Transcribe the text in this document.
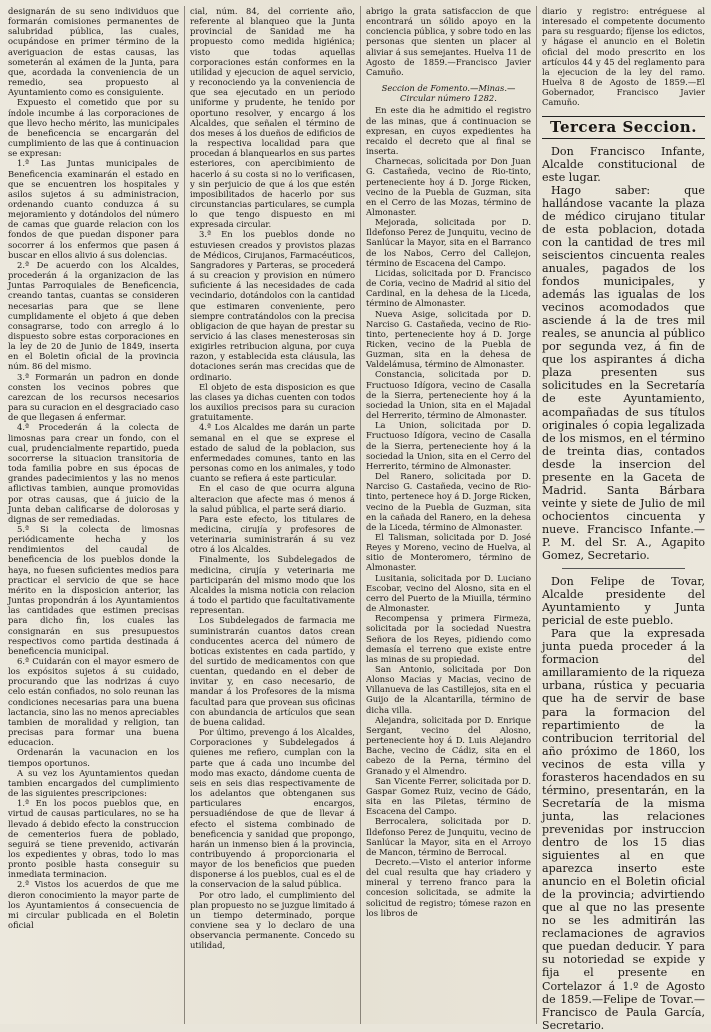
designarán de su seno individuos que formarán comisiones permanentes de salubridad pública, las cuales, ocupándose en primer término de la averiguacion de estas causas, las someterán al exámen de la Junta, para que, acordada la conveniencia de un remedio, sea propuesto al Ayuntamiento como es consiguiente.

Expuesto el cometido que por su índole incumbe á las corporaciones de que llevo hecho mérito, las municipales de beneficencia se encargarán del cumplimiento de las que á continuacion se expresan:

1.ª Las Juntas municipales de Beneficencia examinarán el estado en que se encuentren los hospitales y asilos sujetos á su administracion, ordenando cuanto conduzca á su mejoramiento y dotándolos del número de camas que guarde relacion con los fondos de que puedan disponer para socorrer á los enfermos que pasen á buscar en ellos alivio á sus dolencias.

2.ª De acuerdo con los Alcaldes, procederán á la organizacion de las Juntas Parroquiales de Beneficencia, creando tantas, cuantas se consideren necesarias para que se llene cumplidamente el objeto á que deben consagrarse, todo con arreglo á lo dispuesto sobre estas corporaciones en la ley de 20 de Junio de 1849, inserta en el Boletin oficial de la provincia núm. 86 del mismo.

3.ª Formarán un padron en donde consten los vecinos pobres que carezcan de los recursos necesarios para su curacion en el desgraciado caso de que llegasen á enfermar.

4.ª Procederán á la colecta de limosnas para crear un fondo, con el cual, prudencialmente repartido, pueda socorrerse la situacion transitoria de toda familia pobre en sus épocas de grandes padecimientos y las no menos aflictivas tambien, aunque promovidas por otras causas, que á juicio de la Junta deban calificarse de dolorosas y dignas de ser remediadas.

5.ª Si la colecta de limosnas periódicamente hecha y los rendimientos del caudal de beneficencia de los pueblos donde la haya, no fuesen suficientes medios para practicar el servicio de que se hace mérito en la disposicion anterior, las Juntas propondrán á los Ayuntamientos las cantidades que estimen precisas para dicho fin, los cuales las consignarán en sus presupuestos respectivos como partida destinada á beneficencia municipal.

6.ª Cuidarán con el mayor esmero de los expósitos sujetos á su cuidado, procurando que las nodrizas á cuyo celo están confiados, no solo reunan las condiciones necesarias para una buena lactancia, sino las no menos apreciables tambien de moralidad y religion, tan precisas para formar una buena educacion.

Ordenarán la vacunacion en los tiempos oportunos.

A su vez los Ayuntamientos quedan tambien encargados del cumplimiento de las siguientes prescripciones:

1.ª En los pocos pueblos que, en virtud de causas particulares, no se ha llevado á debido efecto la construccion de cementerios fuera de poblado, seguirá se tiene prevenido, activarán los expedientes y obras, todo lo mas pronto posible hasta conseguir su inmediata terminacion.

2.ª Vistos los acuerdos de que me dieron conocimiento la mayor parte de los Ayuntamientos á consecuencia de mi circular publicada en el Boletin oficial

cial, núm. 84, del corriente año, referente al blanqueo que la Junta provincial de Sanidad me ha propuesto como medida higiénica; visto que todas aquellas corporaciones están conformes en la utilidad y ejecucion de aquel servicio, y reconociendo ya la conveniencia de que sea ejecutado en un periodo uniforme y prudente, he tenido por oportuno resolver, y encargo á los Alcaldes, que señalen el término de dos meses á los dueños de edificios de la respectiva localidad para que procedan á blanquearlos en sus partes esteriores, con apercibimiento de hacerlo á su costa si no lo verificasen, y sin perjuicio de que á los que estén imposibilitados de hacerlo por sus circunstancias particulares, se cumpla lo que tengo dispuesto en mi expresada circular.

3.ª En los pueblos donde no estuviesen creados y provistos plazas de Médicos, Cirujanos, Farmacéuticos, Sangradores y Parteras, se procederá á su creacion y provision en número suficiente á las necesidades de cada vecindario, dotándolos con la cantidad que estimaren conveniente, pero siempre contratándolos con la precisa obligacion de que hayan de prestar su servicio á las clases menesterosas sin exigirles retribucion alguna, por cuya razon, y establecida esta cláusula, las dotaciones serán mas crecidas que de ordinario.

El objeto de esta disposicion es que las clases ya dichas cuenten con todos los auxilios precisos para su curacion gratuitamente.

4.ª Los Alcaldes me darán un parte semanal en el que se exprese el estado de salud de la poblacion, sus enfermedades comunes, tanto en las personas como en los animales, y todo cuanto se refiera á este particular.

En el caso de que ocurra alguna alteracion que afecte mas ó menos á la salud pública, el parte será diario.

Para este efecto, los titulares de medicina, cirujía y profesores de veterinaria suministrarán á su vez otro á los Alcaldes.

Finalmente, los Subdelegados de medicina, cirujía y veterinaria me participarán del mismo modo que los Alcaldes la misma noticia con relacion á todo el partido que facultativamente representan.

Los Subdelegados de farmacia me suministrarán cuantos datos crean conducentes acerca del número de boticas existentes en cada partido, y del surtido de medicamentos con que cuentan, quedando en el deber de invitar y, en caso necesario, de mandar á los Profesores de la misma facultad para que provean sus oficinas con abundancia de artículos que sean de buena calidad.

Por último, prevengo á los Alcaldes, Corporaciones y Subdelegados á quienes me refiero, cumplan con la parte que á cada uno incumbe del modo mas exacto, dándome cuenta de seis en seis dias respectivamente de los adelantos que obtenganen sus particulares encargos, persuadiéndose de que de llevar á efecto el sistema combinado de beneficencia y sanidad que propongo, harán un inmenso bien á la provincia, contribuyendo á proporcionaria el mayor de los beneficios que pueden disponerse á los pueblos, cual es el de la conservacion de la salud pública.

Por otro lado, el cumplimiento del plan propuesto no se juzgue limitado á un tiempo determinado, porque conviene sea y lo declaro de una observancia permanente. Concedo su utilidad,

abrigo la grata satisfaccion de que encontrará un sólido apoyo en la conciencia pública, y sobre todo en las personas que sienten un placer al aliviar á sus semejantes. Huelva 11 de Agosto de 1859.—Francisco Javier Camuño.

Seccion de Fomento.—Minas.—Circular número 1282.

En este dia he admitido el registro de las minas, que á continuacion se expresan, en cuyos expedientes ha recaido el decreto que al final se inserta.

Charnecas, solicitada por Don Juan G. Castañeda, vecino de Rio-tinto, perteneciente hoy á D. Jorge Ricken, vecino de la Puebla de Guzman, sita en el Cerro de las Mozas, término de Almonaster.

Mejorada, solicitada por D. Ildefonso Perez de Junquitu, vecino de Sanlúcar la Mayor, sita en el Barranco de los Nabos, Cerro del Callejon, término de Escacena del Campo.

Licidas, solicitada por D. Francisco de Coria, vecino de Madrid al sitio del Cardinal, en la dehesa de la Liceda, término de Almonaster.

Nueva Asige, solicitada por D. Narciso G. Castañeda, vecino de Rio-tinto, perteneciente hoy á D. Jorge Ricken, vecino de la Puebla de Guzman, sita en la dehesa de Valdelámusa, término de Almonaster.

Constancia, solicitada por D. Fructuoso Idígora, vecino de Casalla de la Sierra, perteneciente hoy á la sociedad la Union, sita en el Majadal del Herrerito, término de Almonaster.

La Union, solicitada por D. Fructuoso Idígora, vecino de Casalla de la Sierra, perteneciente hoy á la sociedad la Union, sita en el Cerro del Herrerito, término de Almonaster.

Del Ranero, solicitada por D. Narciso G. Castañeda, vecino de Rio-tinto, pertenece hoy á D. Jorge Ricken, vecino de la Puebla de Guzman, sita en la cañada del Ranero, en la dehesa de la Liceda, término de Almonaster.

El Talisman, solicitada por D. José Reyes y Moreno, vecino de Huelva, al sitio de Monteromero, término de Almonaster.

Lusitania, solicitada por D. Luciano Escobar, vecino del Alosno, sita en el cerro del Puerto de la Miuilla, término de Almonaster.

Recompensa y primera Firmeza, solicitada por la sociedad Nuestra Señora de los Reyes, pidiendo como demasía el terreno que existe entre las minas de su propiedad.

San Antonio, solicitada por Don Alonso Macias y Macias, vecino de Villanueva de las Castillejos, sita en el Guijo de la Alcantarilla, término de dicha villa.

Alejandra, solicitada por D. Enrique Sergant, vecino del Alosno, perteneciente hoy á D. Luis Alejandro Bache, vecino de Cádiz, sita en el cabezo de la Perna, término del Granado y el Almendro.

San Vicente Ferrer, solicitada por D. Gaspar Gomez Ruiz, vecino de Gádo, sita en las Piletas, término de Escacena del Campo.

Berrocalera, solicitada por D. Ildefonso Perez de Junquitu, vecino de Sanlúcar la Mayor, sita en el Arroyo de Mancon, término de Berrocal.

Decreto.—Visto el anterior informe del cual resulta que hay criadero y mineral y terreno franco para la concesion solicitada, se admite la solicitud de registro; tómese razon en los libros de

diario y registro: entréguese al interesado el competente documento para su resguardo; fíjense los edictos, y hágase el anuncio en el Boletin oficial del modo prescrito en los artículos 44 y 45 del reglamento para la ejecucion de la ley del ramo. Huelva 8 de Agosto de 1859.—El Gobernador, Francisco Javier Camuño.

Tercera Seccion.

Don Francisco Infante, Alcalde constitucional de este lugar.

Hago saber: que hallándose vacante la plaza de médico cirujano titular de esta poblacion, dotada con la cantidad de tres mil seiscientos cincuenta reales anuales, pagados de los fondos municipales, y además las igualas de los vecinos acomodados que asciende á la de tres mil reales, se anuncia al público por segunda vez, á fin de que los aspirantes á dicha plaza presenten sus solicitudes en la Secretaría de este Ayuntamiento, acompañadas de sus títulos originales ó copia legalizada de los mismos, en el término de treinta dias, contados desde la insercion del presente en la Gaceta de Madrid. Santa Bárbara veinte y siete de Julio de mil ochocientos cincuenta y nueve. Francisco Infante.—P. M. del Sr. A., Agapito Gomez, Secretario.

Don Felipe de Tovar, Alcalde presidente del Ayuntamiento y Junta pericial de este pueblo.

Para que la expresada junta pueda proceder á la formacion del amillaramiento de la riqueza urbana, rústica y pecuaria que ha de servir de base para la formacion del repartimiento de la contribucion territorial del año próximo de 1860, los vecinos de esta villa y forasteros hacendados en su término, presentarán, en la Secretaría de la misma junta, las relaciones prevenidas por instruccion dentro de los 15 dias siguientes al en que aparezca inserto este anuncio en el Boletin oficial de la provincia; advirtiendo que al que no las presente no se les admitirán las reclamaciones de agravios que puedan deducir. Y para su notoriedad se expide y fija el presente en Cortelazor á 1.º de Agosto de 1859.—Felipe de Tovar.—Francisco de Paula García, Secretario.
